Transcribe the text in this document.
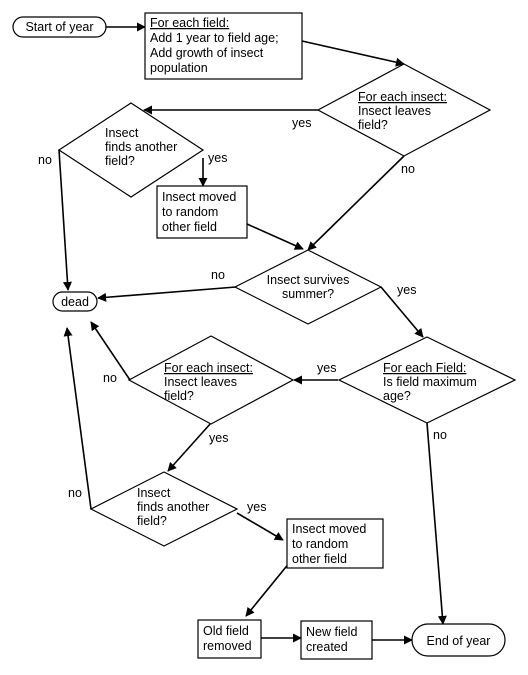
Start of year	For each field:
Add 1 year to field age;
Add growth of insect
population
For each insect:
Insect leaves
field?
Insect
finds another
field?
Insect moved
to random
other field
Insect survives
summer?
dead
For each Field:
Is field maximum
age?
For each insect:
Insect leaves
field?
Insect
finds another
field?
Insect moved
to random
other field
Old field
removed
New field
created	End of year
yes
no
no	yes
no
yes
yes
no
no
yes
no
yes
